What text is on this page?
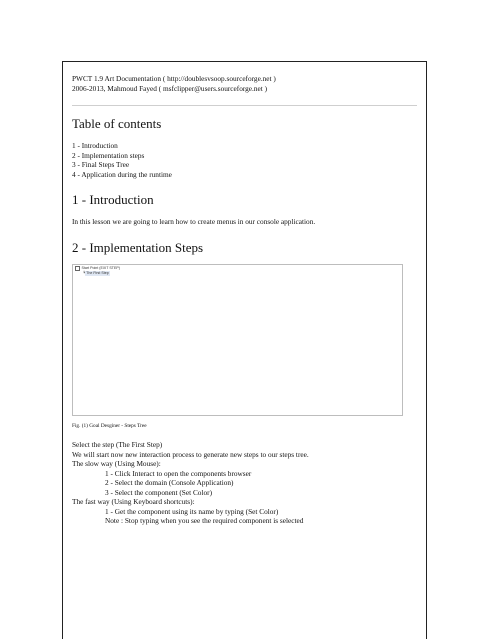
PWCT 1.9 Art Documentation ( http://doublesvsoop.sourceforge.net )
2006-2013, Mahmoud Fayed ( msfclipper@users.sourceforge.net )
Table of contents
1 - Introduction
2 - Implementation steps
3 - Final Steps Tree
4 - Application during the runtime
1 - Introduction
In this lesson we are going to learn how to create menus in our console application.
2 - Implementation Steps
Start Point (EXIT STEP)
┗ The First Step
Fig. (1) Goal Desginer - Steps Tree
Select the step (The First Step)
We will start now new interaction process to generate new steps to our steps tree.
The slow way (Using Mouse):
1 - Click Interact to open the components browser
2 - Select the domain (Console Application)
3 - Select the component (Set Color)
The fast way (Using Keyboard shortcuts):
1 - Get the component using its name by typing (Set Color)
Note : Stop typing when you see the required component is selected
